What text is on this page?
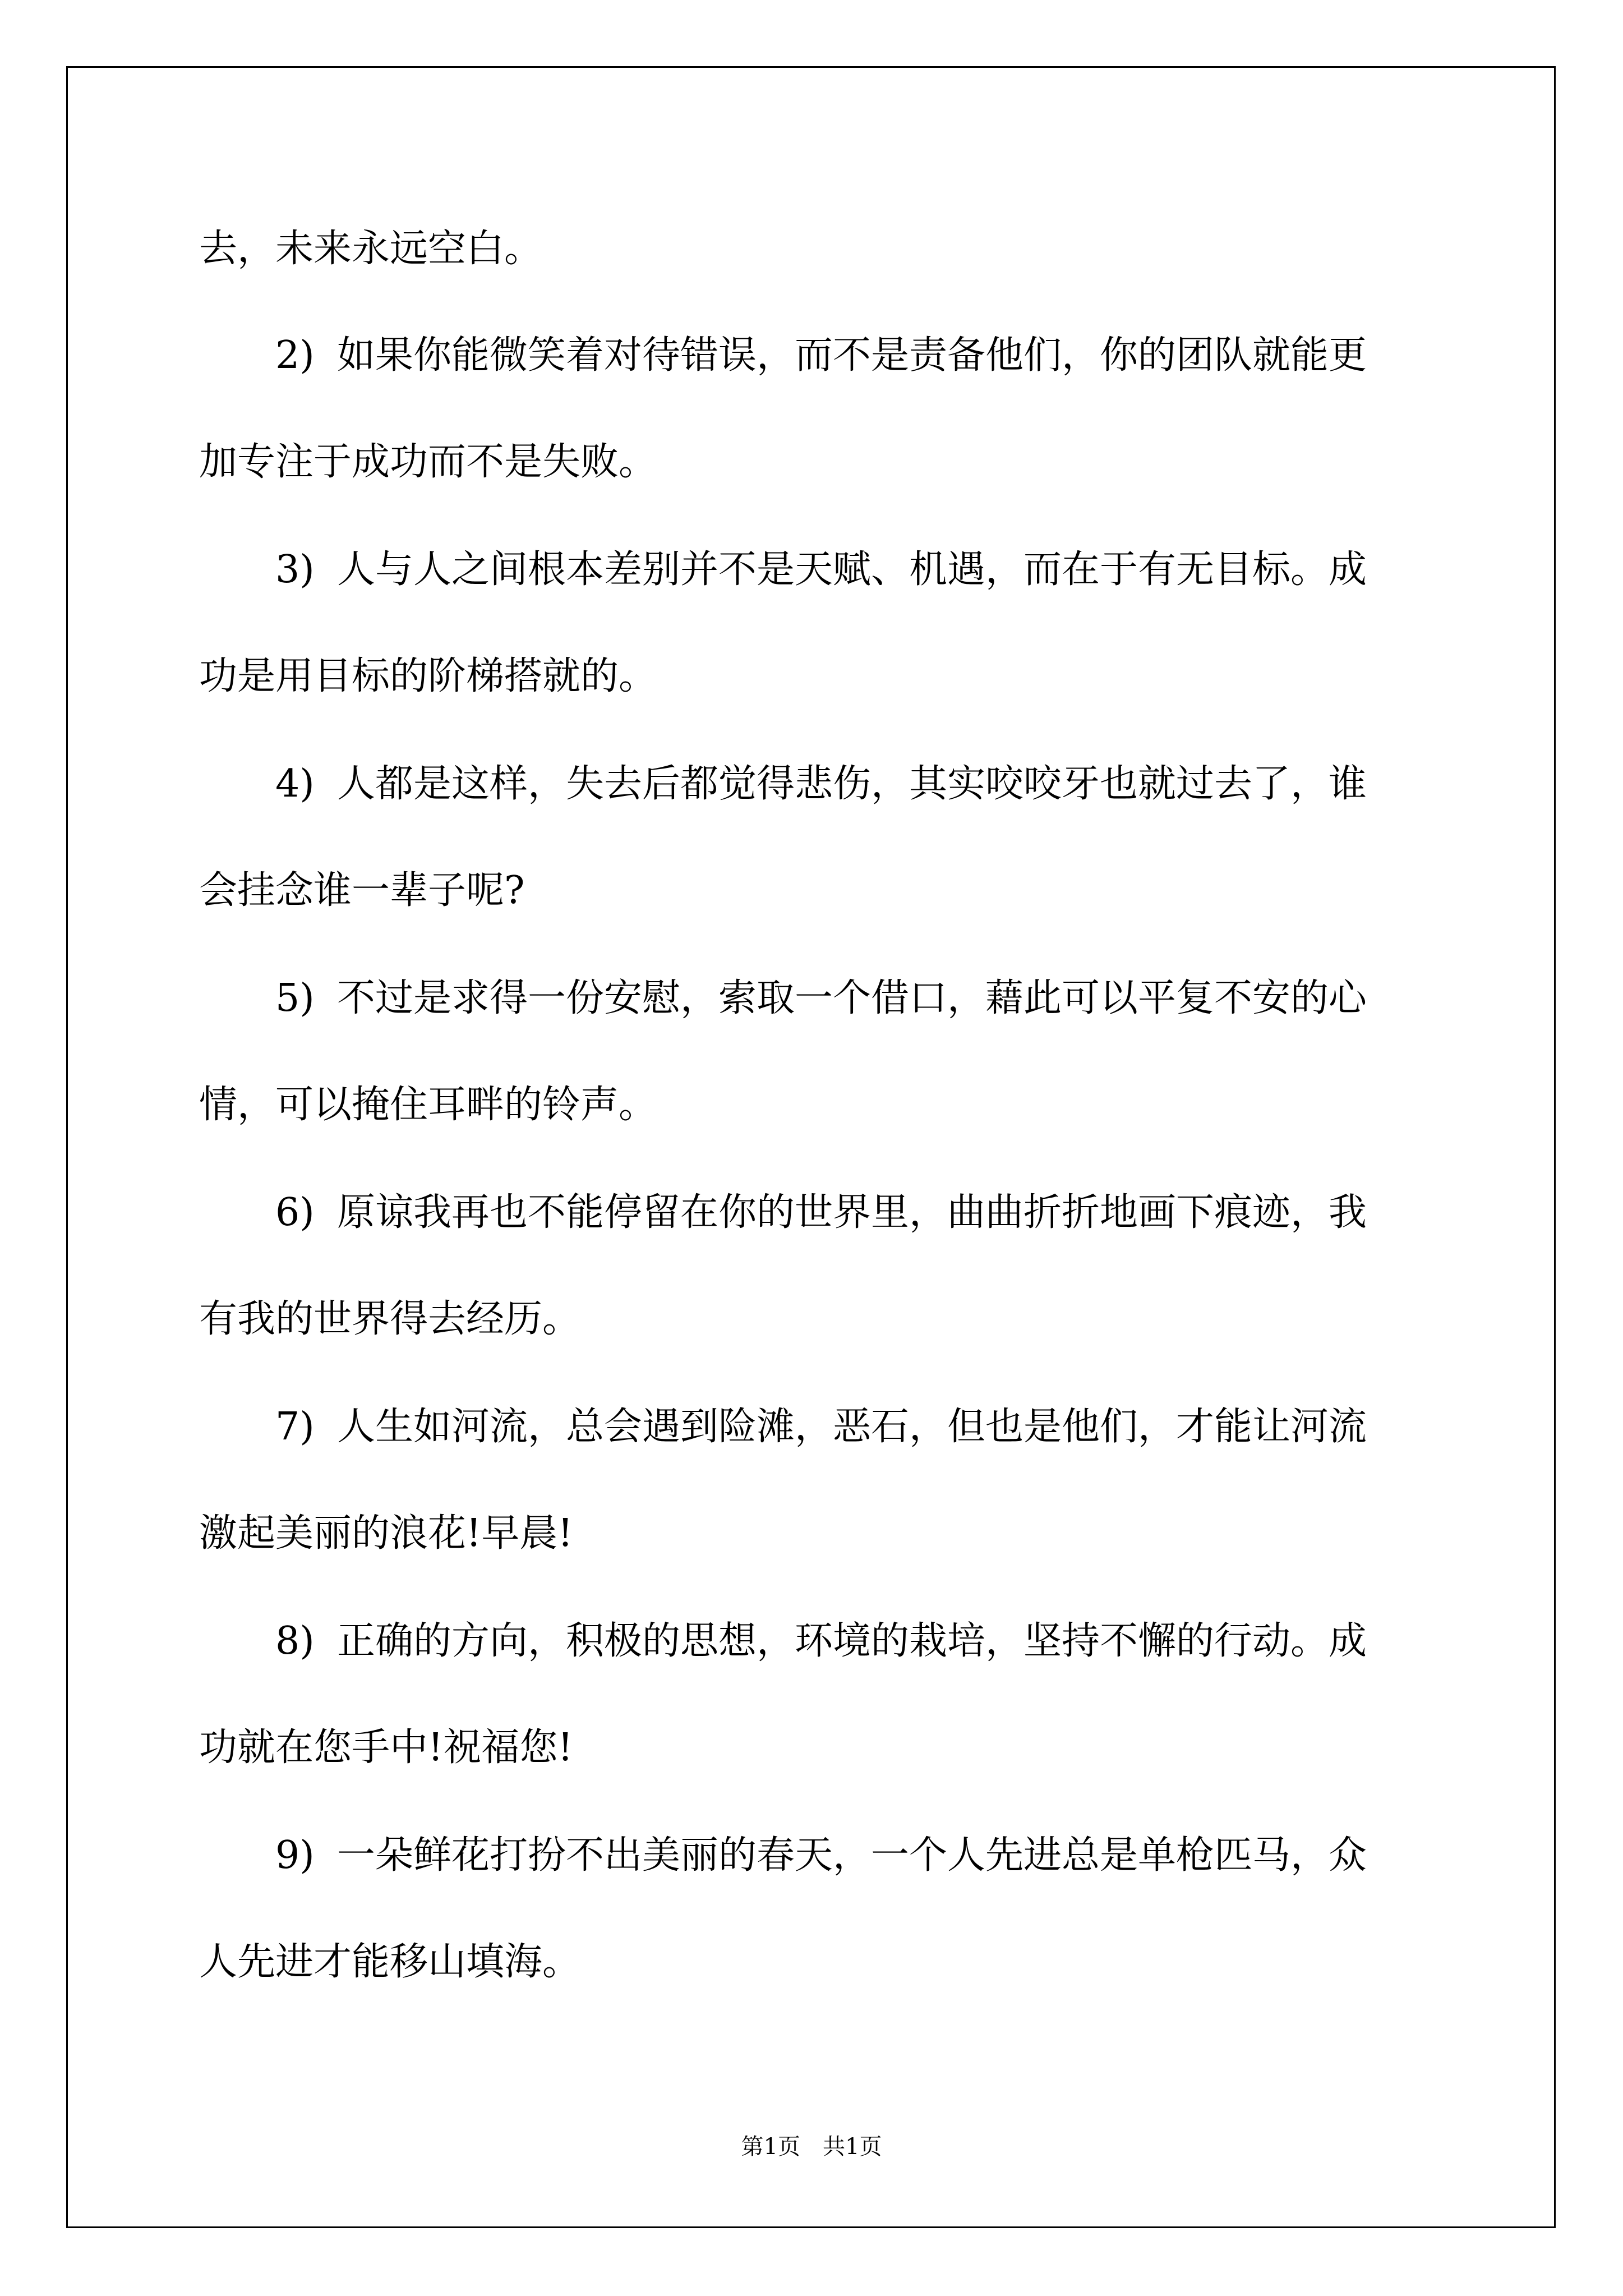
去，未来永远空白。
2) 如果你能微笑着对待错误，而不是责备他们，你的团队就能更
加专注于成功而不是失败。
3) 人与人之间根本差别并不是天赋、机遇，而在于有无目标。成
功是用目标的阶梯搭就的。
4) 人都是这样，失去后都觉得悲伤，其实咬咬牙也就过去了，谁
会挂念谁一辈子呢?
5) 不过是求得一份安慰，索取一个借口，藉此可以平复不安的心
情，可以掩住耳畔的铃声。
6) 原谅我再也不能停留在你的世界里，曲曲折折地画下痕迹，我
有我的世界得去经历。
7) 人生如河流，总会遇到险滩，恶石，但也是他们，才能让河流
激起美丽的浪花!早晨!
8) 正确的方向，积极的思想，环境的栽培，坚持不懈的行动。成
功就在您手中!祝福您!
9) 一朵鲜花打扮不出美丽的春天，一个人先进总是单枪匹马，众
人先进才能移山填海。
第1页 共1页
